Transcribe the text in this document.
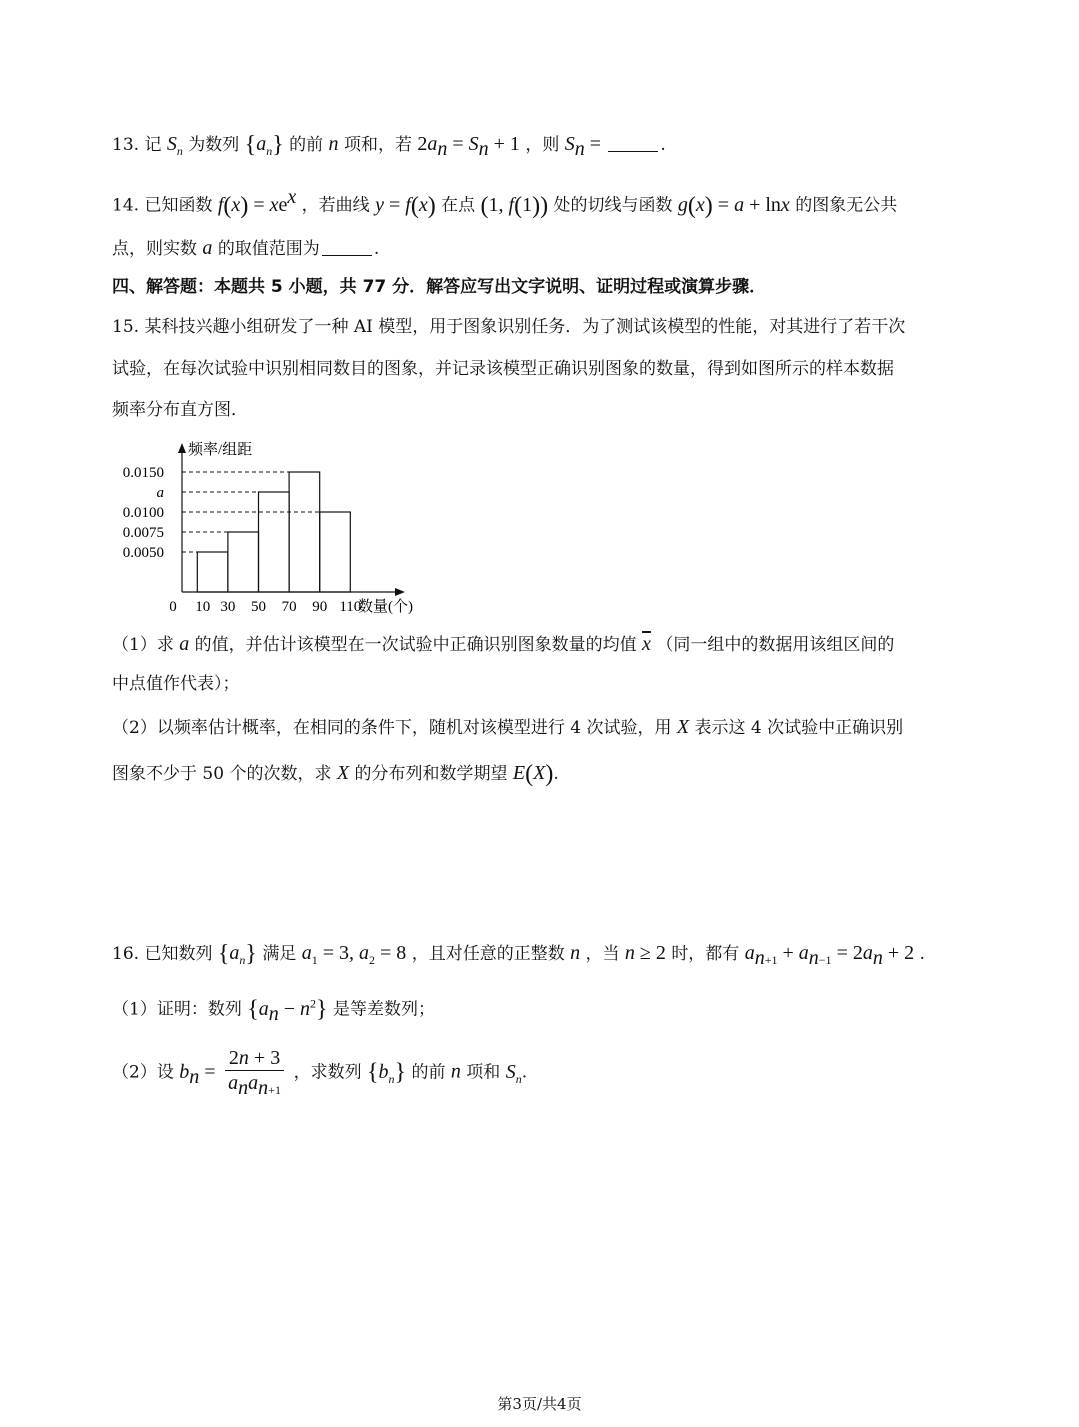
13. 记 $S_n$ 为数列 $\{a_n\}$ 的前 n 项和，若 $2a_n = S_n + 1$ ，则 $S_n$ =	.
14. 已知函数 $f(x) = xe^x$ ，若曲线 y = f(x) 在点 (1, f(1)) 处的切线与函数 g(x) = a + lnx 的图象无公共
点，则实数 a 的取值范围为	.
四、解答题：本题共 5 小题，共 77 分．解答应写出文字说明、证明过程或演算步骤．
15. 某科技兴趣小组研发了一种 AI 模型，用于图象识别任务．为了测试该模型的性能，对其进行了若干次
试验，在每次试验中识别相同数目的图象，并记录该模型正确识别图象的数量，得到如图所示的样本数据
频率分布直方图．
频率/组距
数量(个)
0.0150
a
0.0100
0.0075
0.0050
0 10 30 50 70 90 110
（1）求 a 的值，并估计该模型在一次试验中正确识别图象数量的均值 $\overline{x}$ （同一组中的数据用该组区间的
中点值作代表）；
（2）以频率估计概率，在相同的条件下，随机对该模型进行 4 次试验，用 X 表示这 4 次试验中正确识别
图象不少于 50 个的次数，求 X 的分布列和数学期望 E(X).
16. 已知数列 $\{a_n\}$ 满足 $a_1 = 3$, $a_2 = 8$ ，且对任意的正整数 n ，当 n ≥ 2 时，都有 $a_{n+1} + a_{n-1} = 2a_n + 2$ .
（1）证明：数列 $\{a_n - n^2\}$ 是等差数列；
（2）设 $b_n = \frac{2n + 3}{a_na_{n+1}}$ ，求数列 $\{b_n\}$ 的前 n 项和 $S_n$.
第3页/共4页
